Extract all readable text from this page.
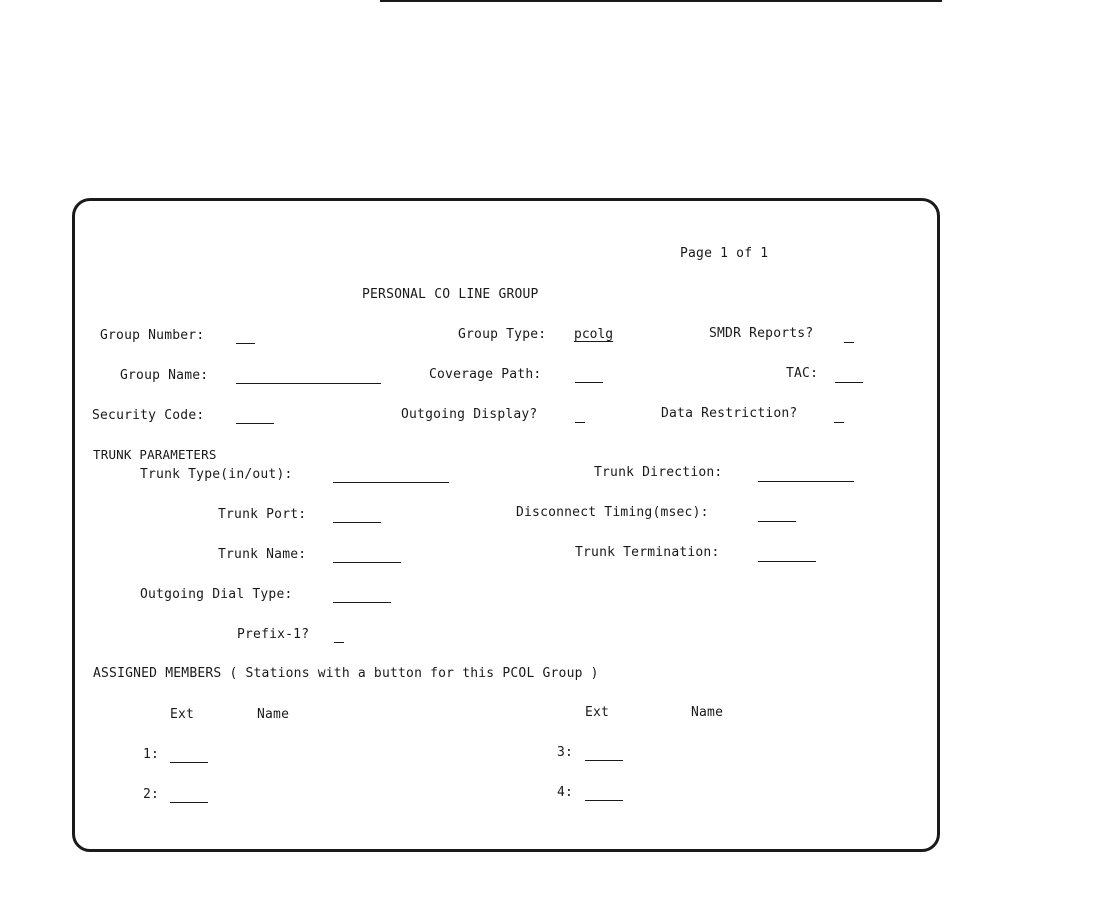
Page 1 of 1
PERSONAL CO LINE GROUP
Group Number:	Group Type: pcolg	SMDR Reports?
Group Name:	Coverage Path:	TAC:
Security Code:	Outgoing Display?	Data Restriction?
TRUNK PARAMETERS
Trunk Type(in/out):	Trunk Direction:
Trunk Port:	Disconnect Timing(msec):
Trunk Name:	Trunk Termination:
Outgoing Dial Type:
Prefix-1?
ASSIGNED MEMBERS ( Stations with a button for this PCOL Group )
Ext	Name	Ext	Name
1:
2:
3:
4:
